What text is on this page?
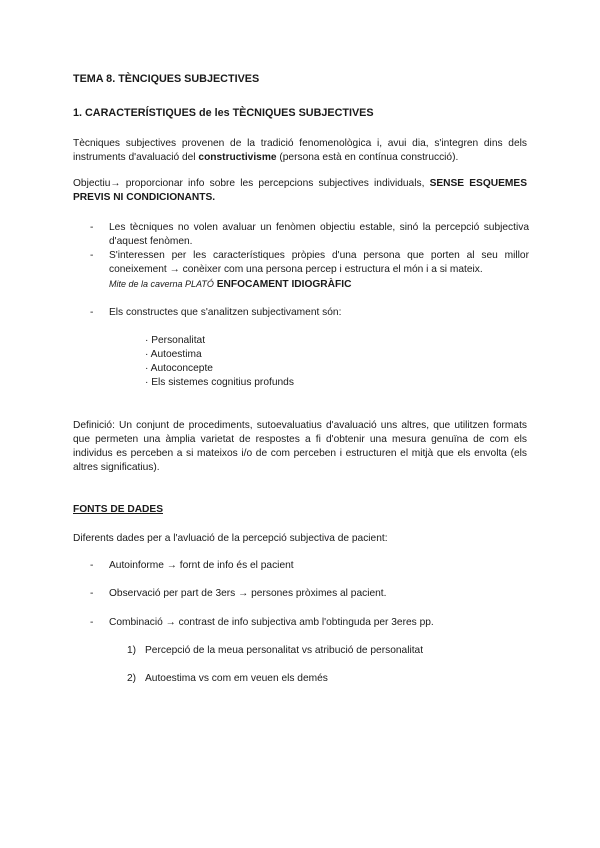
TEMA 8. TÈNCIQUES SUBJECTIVES
1. CARACTERÍSTIQUES de les TÈCNIQUES SUBJECTIVES
Tècniques subjectives provenen de la tradició fenomenològica i, avui dia, s'integren dins dels instruments d'avaluació del constructivisme (persona està en contínua construcció).
Objectiu→ proporcionar info sobre les percepcions subjectives individuals, SENSE ESQUEMES PREVIS NI CONDICIONANTS.
- Les tècniques no volen avaluar un fenòmen objectiu estable, sinó la percepció subjectiva d'aquest fenòmen.
- S'interessen per les característiques pròpies d'una persona que porten al seu millor coneixement → conèixer com una persona percep i estructura el món i a si mateix.
Mite de la caverna PLATÓ ENFOCAMENT IDIOGRÀFIC
- Els constructes que s'analitzen subjectivament són:
· Personalitat
· Autoestima
· Autoconcepte
· Els sistemes cognitius profunds
Definició: Un conjunt de procediments, sutoevaluatius d'avaluació uns altres, que utilitzen formats que permeten una àmplia varietat de respostes a fi d'obtenir una mesura genuïna de com els individus es perceben a si mateixos i/o de com perceben i estructuren el mitjà que els envolta (els altres significatius).
FONTS DE DADES
Diferents dades per a l'avluació de la percepció subjectiva de pacient:
- Autoinforme → fornt de info és el pacient
- Observació per part de 3ers → persones pròximes al pacient.
- Combinació → contrast de info subjectiva amb l'obtinguda per 3eres pp.
1) Percepció de la meua personalitat vs atribució de personalitat
2) Autoestima vs com em veuen els demés
